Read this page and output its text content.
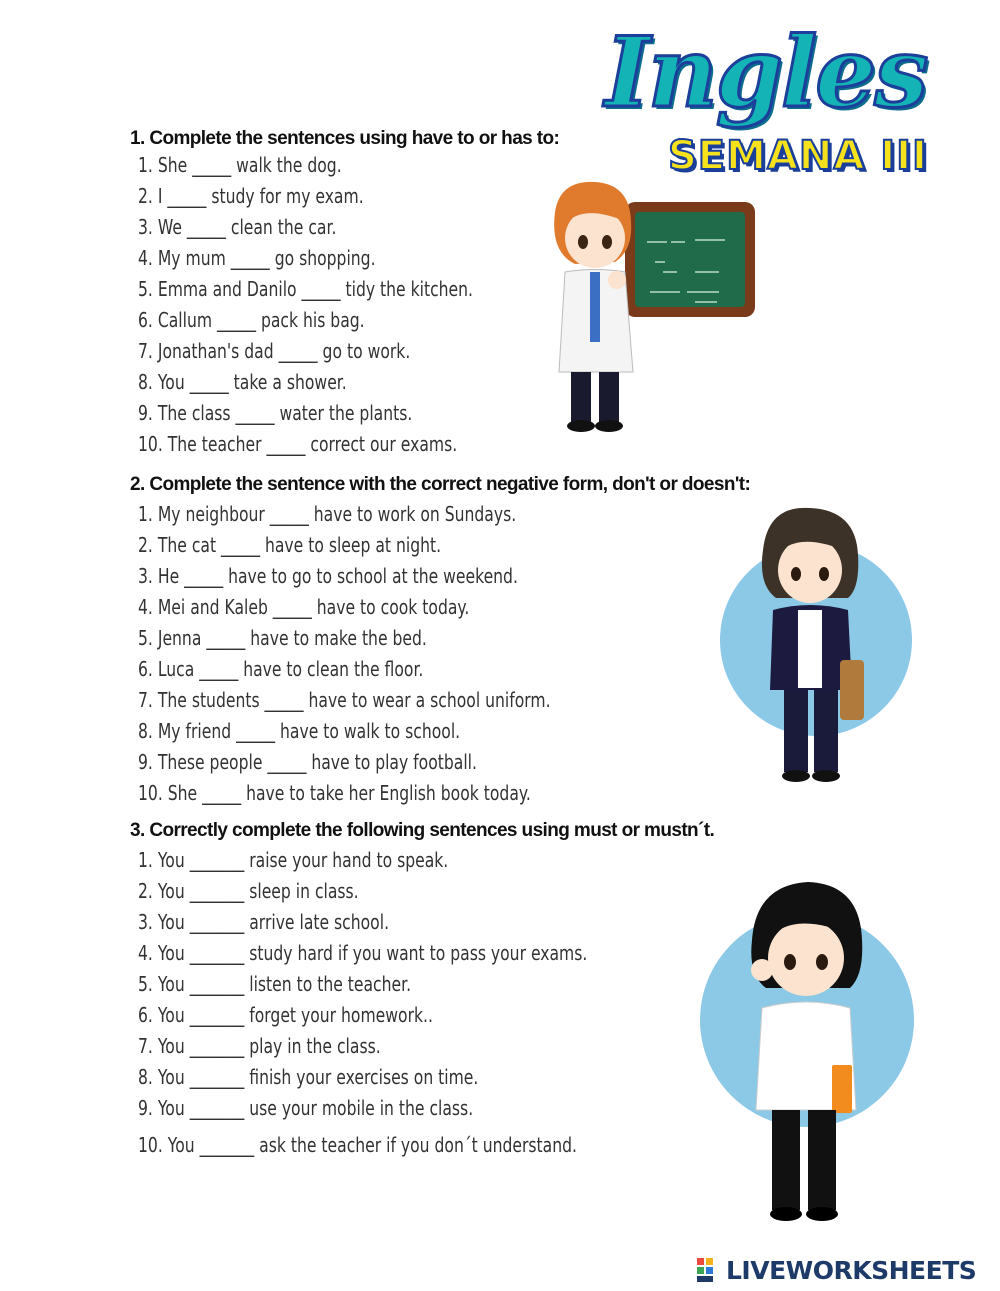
Ingles
SEMANA III
1. Complete the sentences using have to or has to:
1. She _____ walk the dog.
2. I _____ study for my exam.
3. We _____ clean the car.
4. My mum _____ go shopping.
5. Emma and Danilo _____ tidy the kitchen.
6. Callum _____ pack his bag.
7. Jonathan's dad _____ go to work.
8. You _____ take a shower.
9. The class _____ water the plants.
10. The teacher _____ correct our exams.
2. Complete the sentence with the correct negative form, don't or doesn't:
1. My neighbour _____ have to work on Sundays.
2. The cat _____ have to sleep at night.
3. He _____ have to go to school at the weekend.
4. Mei and Kaleb _____ have to cook today.
5. Jenna _____ have to make the bed.
6. Luca _____ have to clean the floor.
7. The students _____ have to wear a school uniform.
8. My friend _____ have to walk to school.
9. These people _____ have to play football.
10. She _____ have to take her English book today.
3. Correctly complete the following sentences using must or mustn´t.
1. You _______ raise your hand to speak.
2. You _______ sleep in class.
3. You _______ arrive late school.
4. You _______ study hard if you want to pass your exams.
5. You _______ listen to the teacher.
6. You _______ forget your homework..
7. You _______ play in the class.
8. You _______ finish your exercises on time.
9. You _______ use your mobile in the class.
10. You _______ ask the teacher if you don´t understand.
LIVEWORKSHEETS
